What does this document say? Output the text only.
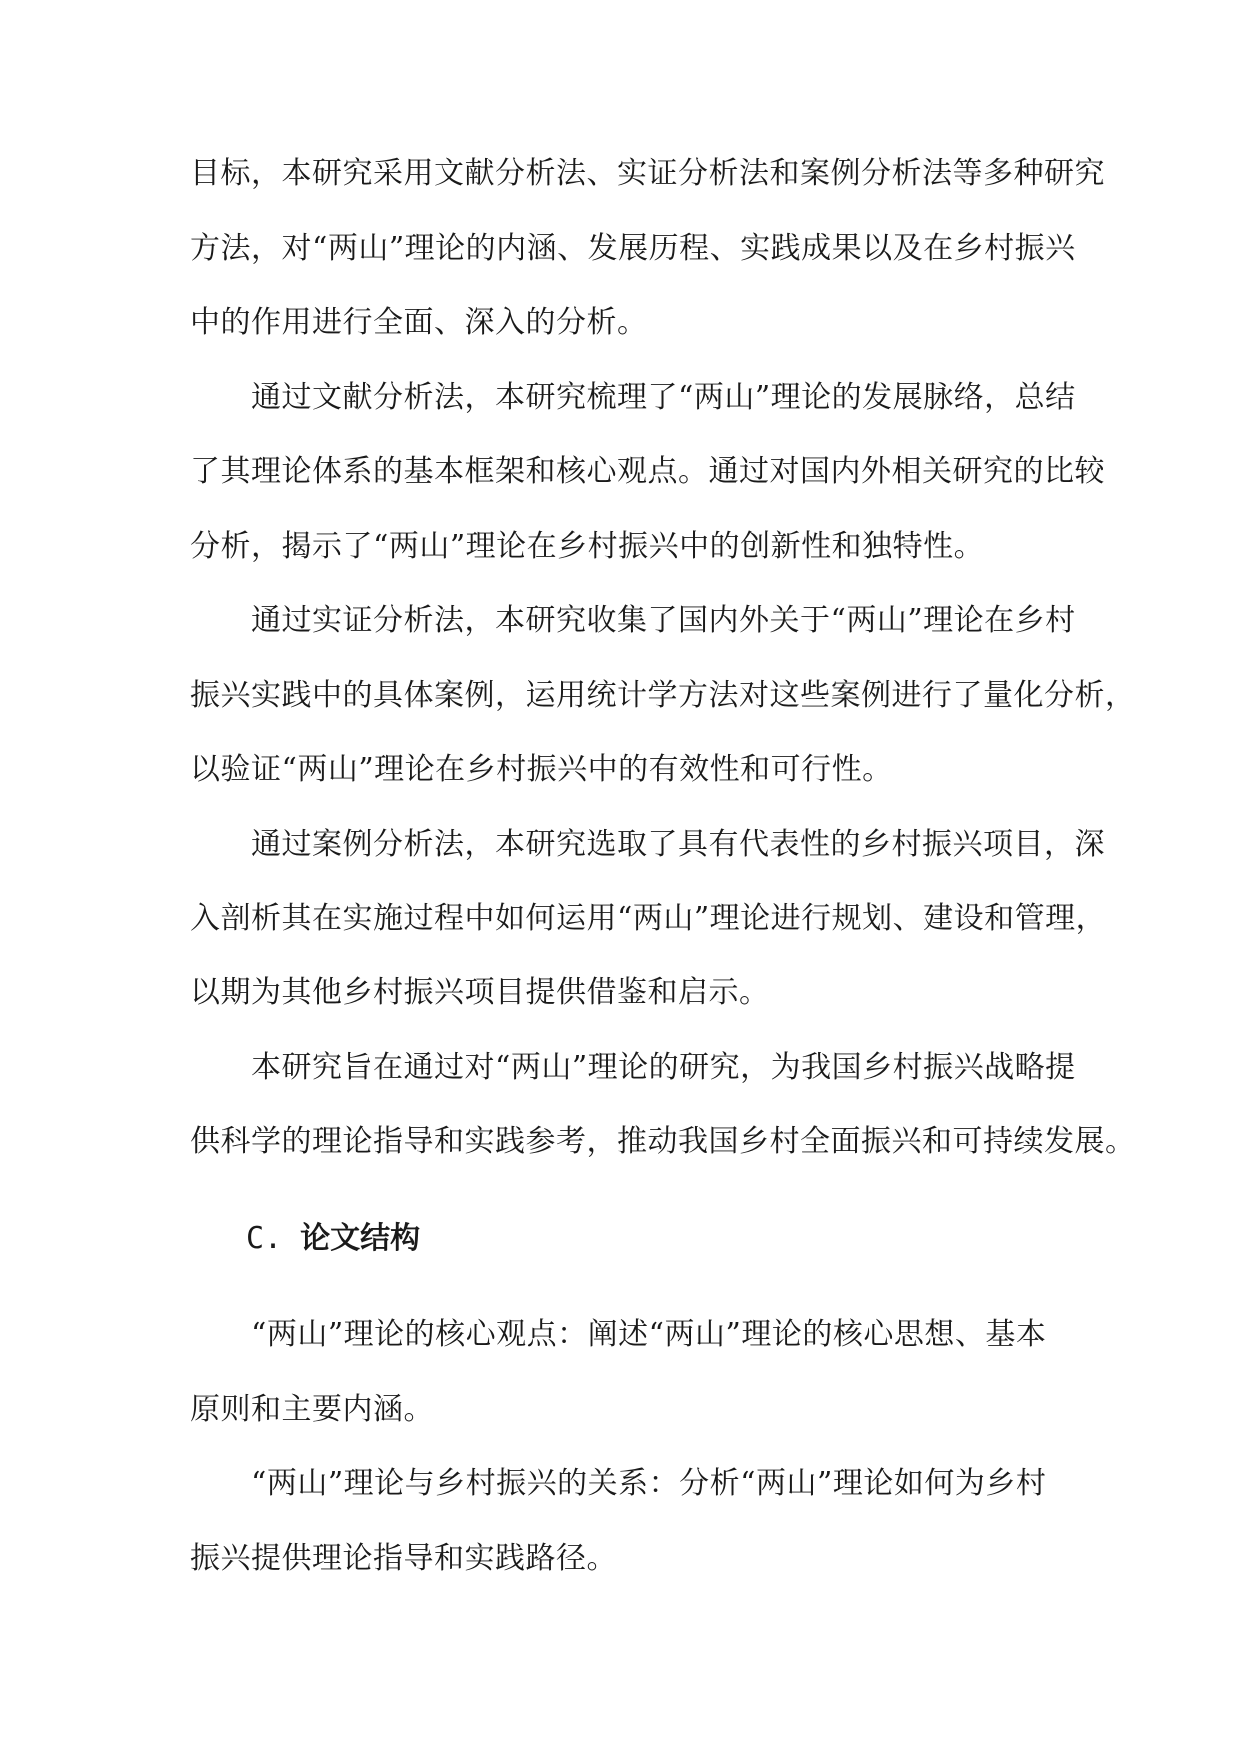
目标，本研究采用文献分析法、实证分析法和案例分析法等多种研究
方法，对“两山”理论的内涵、发展历程、实践成果以及在乡村振兴
中的作用进行全面、深入的分析。
　　通过文献分析法，本研究梳理了“两山”理论的发展脉络，总结
了其理论体系的基本框架和核心观点。通过对国内外相关研究的比较
分析，揭示了“两山”理论在乡村振兴中的创新性和独特性。
　　通过实证分析法，本研究收集了国内外关于“两山”理论在乡村
振兴实践中的具体案例，运用统计学方法对这些案例进行了量化分析，
以验证“两山”理论在乡村振兴中的有效性和可行性。
　　通过案例分析法，本研究选取了具有代表性的乡村振兴项目，深
入剖析其在实施过程中如何运用“两山”理论进行规划、建设和管理，
以期为其他乡村振兴项目提供借鉴和启示。
　　本研究旨在通过对“两山”理论的研究，为我国乡村振兴战略提
供科学的理论指导和实践参考，推动我国乡村全面振兴和可持续发展。
C. 论文结构
　　“两山”理论的核心观点：阐述“两山”理论的核心思想、基本
原则和主要内涵。
　　“两山”理论与乡村振兴的关系：分析“两山”理论如何为乡村
振兴提供理论指导和实践路径。
